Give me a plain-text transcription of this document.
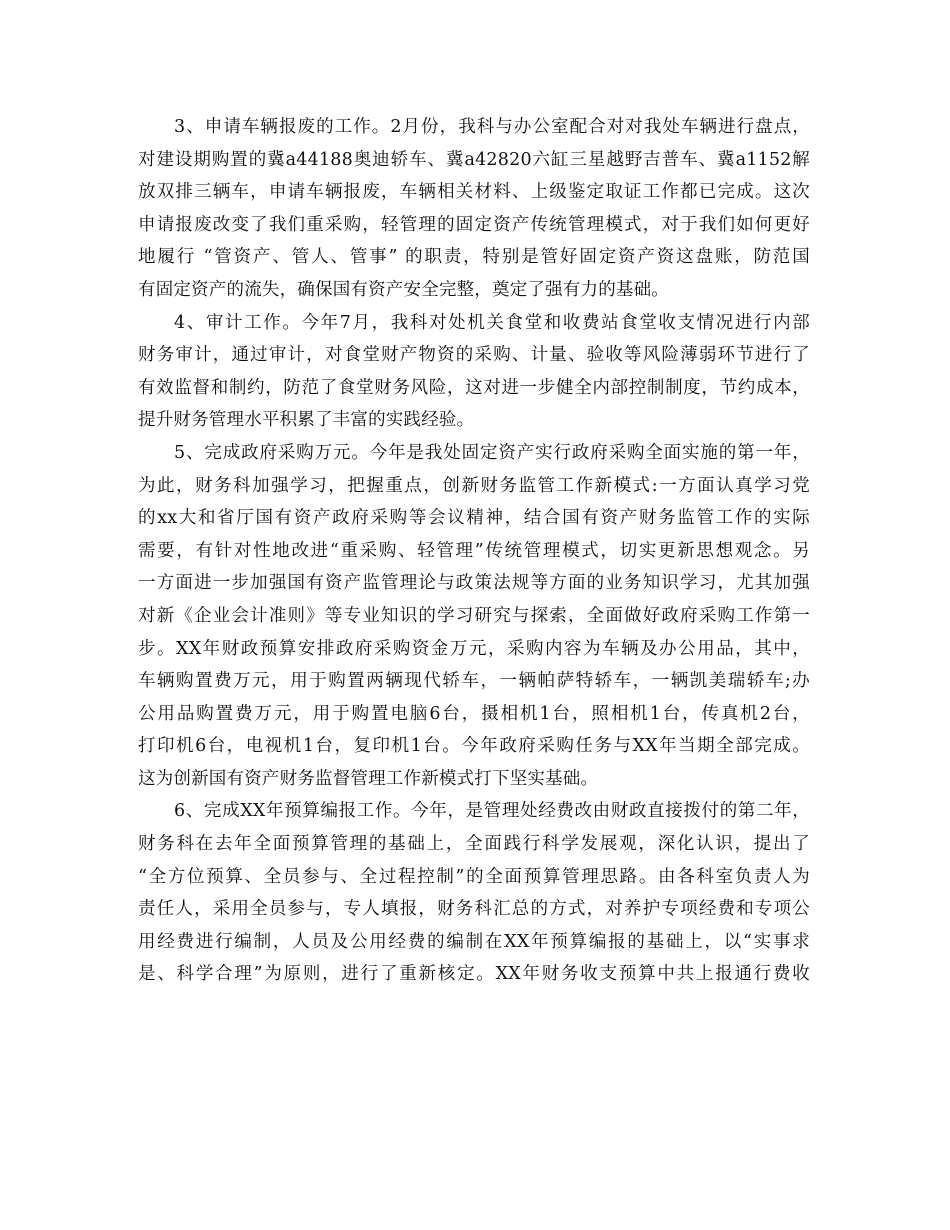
3、申请车辆报废的工作。2月份，我科与办公室配合对对我处车辆进行盘点，
对建设期购置的冀a44188奥迪轿车、冀a42820六缸三星越野吉普车、冀a1152解
放双排三辆车，申请车辆报废，车辆相关材料、上级鉴定取证工作都已完成。这次
申请报废改变了我们重采购，轻管理的固定资产传统管理模式，对于我们如何更好
地履行 “管资产、管人、管事” 的职责，特别是管好固定资产资这盘账，防范国
有固定资产的流失，确保国有资产安全完整，奠定了强有力的基础。
4、审计工作。今年7月，我科对处机关食堂和收费站食堂收支情况进行内部
财务审计，通过审计，对食堂财产物资的采购、计量、验收等风险薄弱环节进行了
有效监督和制约，防范了食堂财务风险，这对进一步健全内部控制制度，节约成本，
提升财务管理水平积累了丰富的实践经验。
5、完成政府采购万元。今年是我处固定资产实行政府采购全面实施的第一年，
为此，财务科加强学习，把握重点，创新财务监管工作新模式:一方面认真学习党
的xx大和省厅国有资产政府采购等会议精神，结合国有资产财务监管工作的实际
需要，有针对性地改进“重采购、轻管理”传统管理模式，切实更新思想观念。另
一方面进一步加强国有资产监管理论与政策法规等方面的业务知识学习，尤其加强
对新《企业会计准则》等专业知识的学习研究与探索，全面做好政府采购工作第一
步。XX年财政预算安排政府采购资金万元，采购内容为车辆及办公用品，其中，
车辆购置费万元，用于购置两辆现代轿车，一辆帕萨特轿车，一辆凯美瑞轿车;办
公用品购置费万元，用于购置电脑6台，摄相机1台，照相机1台，传真机2台，
打印机6台，电视机1台，复印机1台。今年政府采购任务与XX年当期全部完成。
这为创新国有资产财务监督管理工作新模式打下坚实基础。
6、完成XX年预算编报工作。今年，是管理处经费改由财政直接拨付的第二年，
财务科在去年全面预算管理的基础上，全面践行科学发展观，深化认识，提出了
“全方位预算、全员参与、全过程控制”的全面预算管理思路。由各科室负责人为
责任人，采用全员参与，专人填报，财务科汇总的方式，对养护专项经费和专项公
用经费进行编制，人员及公用经费的编制在XX年预算编报的基础上，以“实事求
是、科学合理”为原则，进行了重新核定。XX年财务收支预算中共上报通行费收
